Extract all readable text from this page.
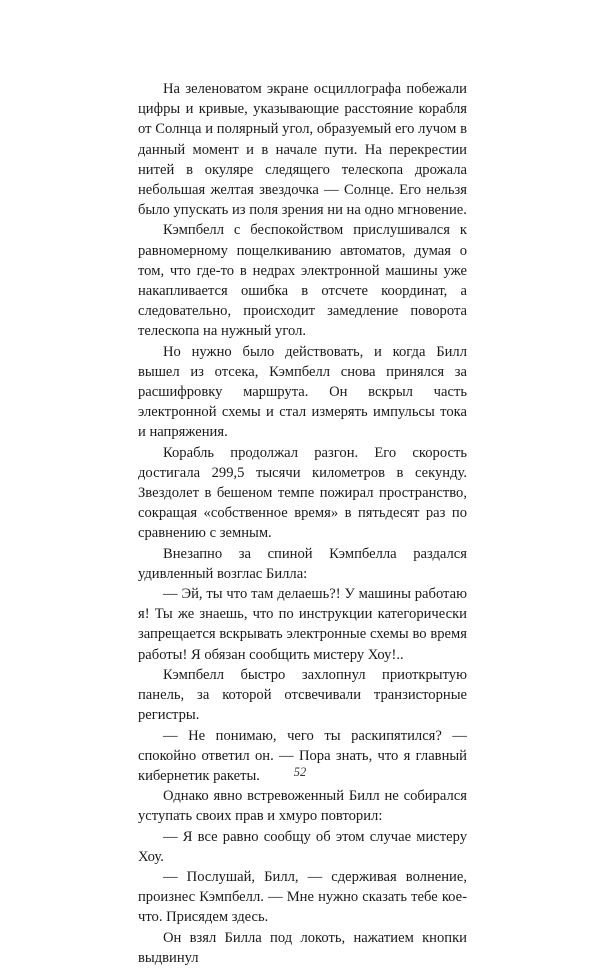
На зеленоватом экране осциллографа побежали цифры и кривые, указывающие расстояние корабля от Солнца и полярный угол, образуемый его лучом в данный момент и в начале пути. На перекрестии нитей в окуляре следящего телескопа дрожала небольшая желтая звездочка — Солнце. Его нельзя было упускать из поля зрения ни на одно мгновение.

Кэмпбелл с беспокойством прислушивался к равномерному пощелкиванию автоматов, думая о том, что где-то в недрах электронной машины уже накапливается ошибка в отсчете координат, а следовательно, происходит замедление поворота телескопа на нужный угол.

Но нужно было действовать, и когда Билл вышел из отсека, Кэмпбелл снова принялся за расшифровку маршрута. Он вскрыл часть электронной схемы и стал измерять импульсы тока и напряжения.

Корабль продолжал разгон. Его скорость достигала 299,5 тысячи километров в секунду. Звездолет в бешеном темпе пожирал пространство, сокращая «собственное время» в пятьдесят раз по сравнению с земным.

Внезапно за спиной Кэмпбелла раздался удивленный возглас Билла:

— Эй, ты что там делаешь?! У машины работаю я! Ты же знаешь, что по инструкции категорически запрещается вскрывать электронные схемы во время работы! Я обязан сообщить мистеру Хоу!..

Кэмпбелл быстро захлопнул приоткрытую панель, за которой отсвечивали транзисторные регистры.

— Не понимаю, чего ты раскипятился? — спокойно ответил он. — Пора знать, что я главный кибернетик ракеты.

Однако явно встревоженный Билл не собирался уступать своих прав и хмуро повторил:

— Я все равно сообщу об этом случае мистеру Хоу.

— Послушай, Билл, — сдерживая волнение, произнес Кэмпбелл. — Мне нужно сказать тебе кое-что. Присядем здесь.

Он взял Билла под локоть, нажатием кнопки выдвинул

52
